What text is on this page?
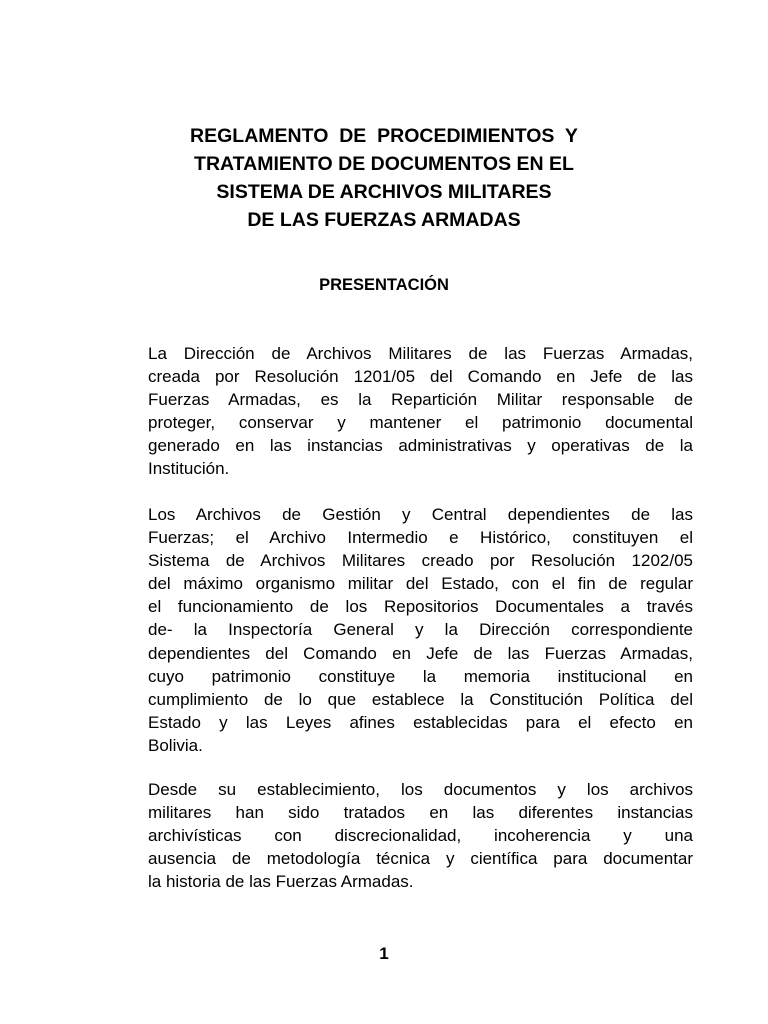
REGLAMENTO  DE  PROCEDIMIENTOS  Y
TRATAMIENTO DE DOCUMENTOS EN EL
SISTEMA DE ARCHIVOS MILITARES
DE LAS FUERZAS ARMADAS
PRESENTACIÓN

La Dirección de Archivos Militares de las Fuerzas Armadas,
creada por Resolución 1201/05 del Comando en Jefe de las
Fuerzas Armadas, es la Repartición Militar responsable de
proteger, conservar y mantener el patrimonio documental
generado en las instancias administrativas y operativas de la
Institución.

Los Archivos de Gestión y Central dependientes de las
Fuerzas; el Archivo Intermedio e Histórico, constituyen el
Sistema de Archivos Militares creado por Resolución 1202/05
del máximo organismo militar del Estado, con el fin de regular
el funcionamiento de los Repositorios Documentales a través
de- la Inspectoría General y la Dirección correspondiente
dependientes del Comando en Jefe de las Fuerzas Armadas,
cuyo patrimonio constituye la memoria institucional en
cumplimiento de lo que establece la Constitución Política del
Estado y las Leyes afines establecidas para el efecto en
Bolivia.

Desde su establecimiento, los documentos y los archivos
militares han sido tratados en las diferentes instancias
archivísticas con discrecionalidad, incoherencia y una
ausencia de metodología técnica y científica para documentar
la historia de las Fuerzas Armadas.

1
